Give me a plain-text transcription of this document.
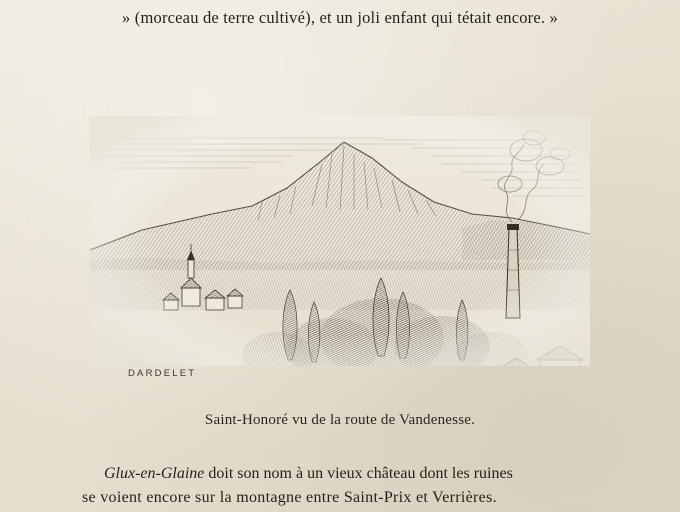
» (morceau de terre cultivé), et un joli enfant qui tétait encore. »
DARDELET
Saint-Honoré vu de la route de Vandenesse.
Glux-en-Glaine doit son nom à un vieux château dont les ruines
se voient encore sur la montagne entre Saint-Prix et Verrières.
